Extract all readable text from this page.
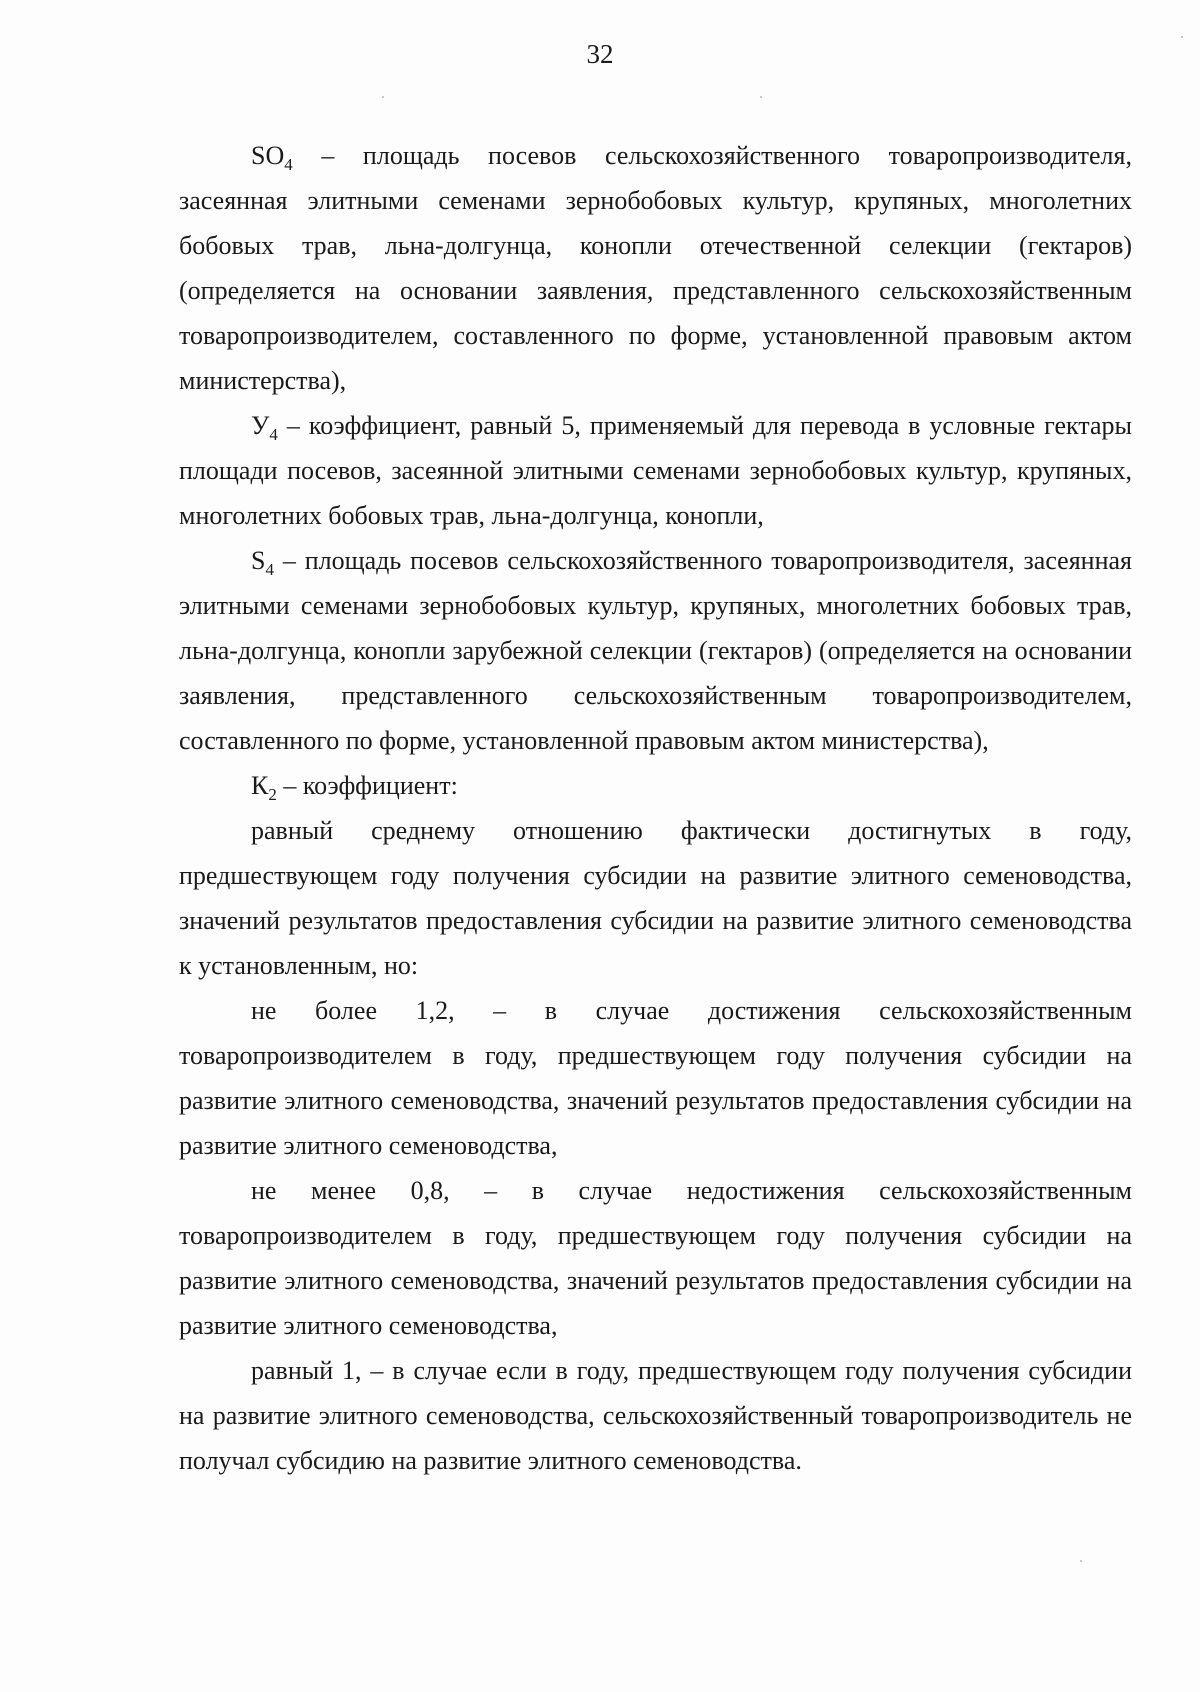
32

$SO_4$ – площадь посевов сельскохозяйственного товаропроизводителя, засеянная элитными семенами зернобобовых культур, крупяных, многолетних бобовых трав, льна-долгунца, конопли отечественной селекции (гектаров) (определяется на основании заявления, представленного сельскохозяйственным товаропроизводителем, составленного по форме, установленной правовым актом министерства),

$У_4$ – коэффициент, равный 5, применяемый для перевода в условные гектары площади посевов, засеянной элитными семенами зернобобовых культур, крупяных, многолетних бобовых трав, льна-долгунца, конопли,

$S_4$ – площадь посевов сельскохозяйственного товаропроизводителя, засеянная элитными семенами зернобобовых культур, крупяных, многолетних бобовых трав, льна-долгунца, конопли зарубежной селекции (гектаров) (определяется на основании заявления, представленного сельскохозяйственным товаропроизводителем, составленного по форме, установленной правовым актом министерства),

$К_2$ – коэффициент:

равный среднему отношению фактически достигнутых в году, предшествующем году получения субсидии на развитие элитного семеноводства, значений результатов предоставления субсидии на развитие элитного семеноводства к установленным, но:

не более 1,2, – в случае достижения сельскохозяйственным товаропроизводителем в году, предшествующем году получения субсидии на развитие элитного семеноводства, значений результатов предоставления субсидии на развитие элитного семеноводства,

не менее 0,8, – в случае недостижения сельскохозяйственным товаропроизводителем в году, предшествующем году получения субсидии на развитие элитного семеноводства, значений результатов предоставления субсидии на развитие элитного семеноводства,

равный 1, – в случае если в году, предшествующем году получения субсидии на развитие элитного семеноводства, сельскохозяйственный товаропроизводитель не получал субсидию на развитие элитного семеноводства.
